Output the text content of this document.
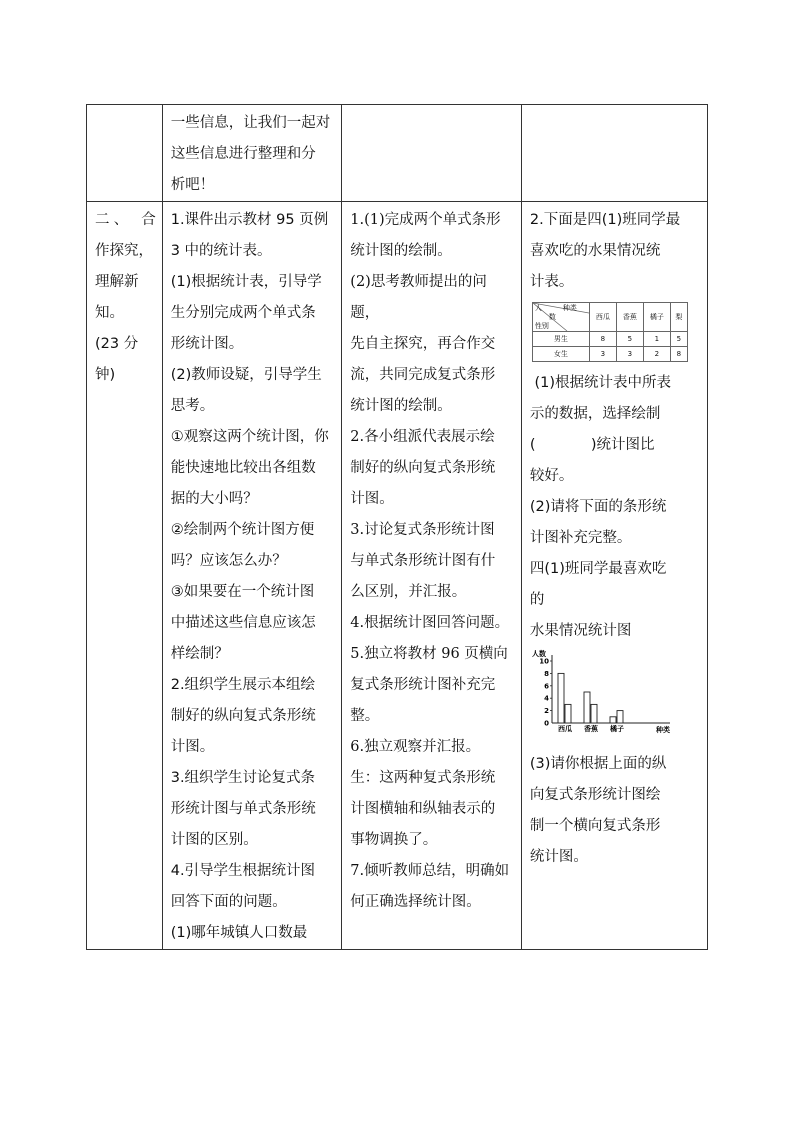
一些信息，让我们一起对
这些信息进行整理和分
析吧！

二、 合
作探究，
理解新知。
(23 分钟)

1.课件出示教材 95 页例
3 中的统计表。
(1)根据统计表，引导学
生分别完成两个单式条
形统计图。
(2)教师设疑，引导学生
思考。
①观察这两个统计图，你
能快速地比较出各组数
据的大小吗？
②绘制两个统计图方便
吗？应该怎么办？
③如果要在一个统计图
中描述这些信息应该怎
样绘制？
2.组织学生展示本组绘
制好的纵向复式条形统
计图。
3.组织学生讨论复式条
形统计图与单式条形统
计图的区别。
4.引导学生根据统计图
回答下面的问题。
(1)哪年城镇人口数最

1.(1)完成两个单式条形
统计图的绘制。
(2)思考教师提出的问题，
先自主探究，再合作交
流，共同完成复式条形
统计图的绘制。
2.各小组派代表展示绘
制好的纵向复式条形统
计图。
3.讨论复式条形统计图
与单式条形统计图有什
么区别，并汇报。
4.根据统计图回答问题。
5.独立将教材 96 页横向
复式条形统计图补充完
整。
6.独立观察并汇报。
生：这两种复式条形统
计图横轴和纵轴表示的
事物调换了。
7.倾听教师总结，明确如
何正确选择统计图。

2.下面是四(1)班同学最
喜欢吃的水果情况统
计表。
种类
人
数
性别
	西瓜	香蕉	橘子	梨
男生	8	5	1	5
女生	3	3	2	8
(1)根据统计表中所表
示的数据，选择绘制
(            )统计图比
较好。
(2)请将下面的条形统
计图补充完整。
四(1)班同学最喜欢吃
的
水果情况统计图
人数
种类
0
2
4
6
8
10
西瓜 香蕉 橘子
(3)请你根据上面的纵
向复式条形统计图绘
制一个横向复式条形
统计图。
